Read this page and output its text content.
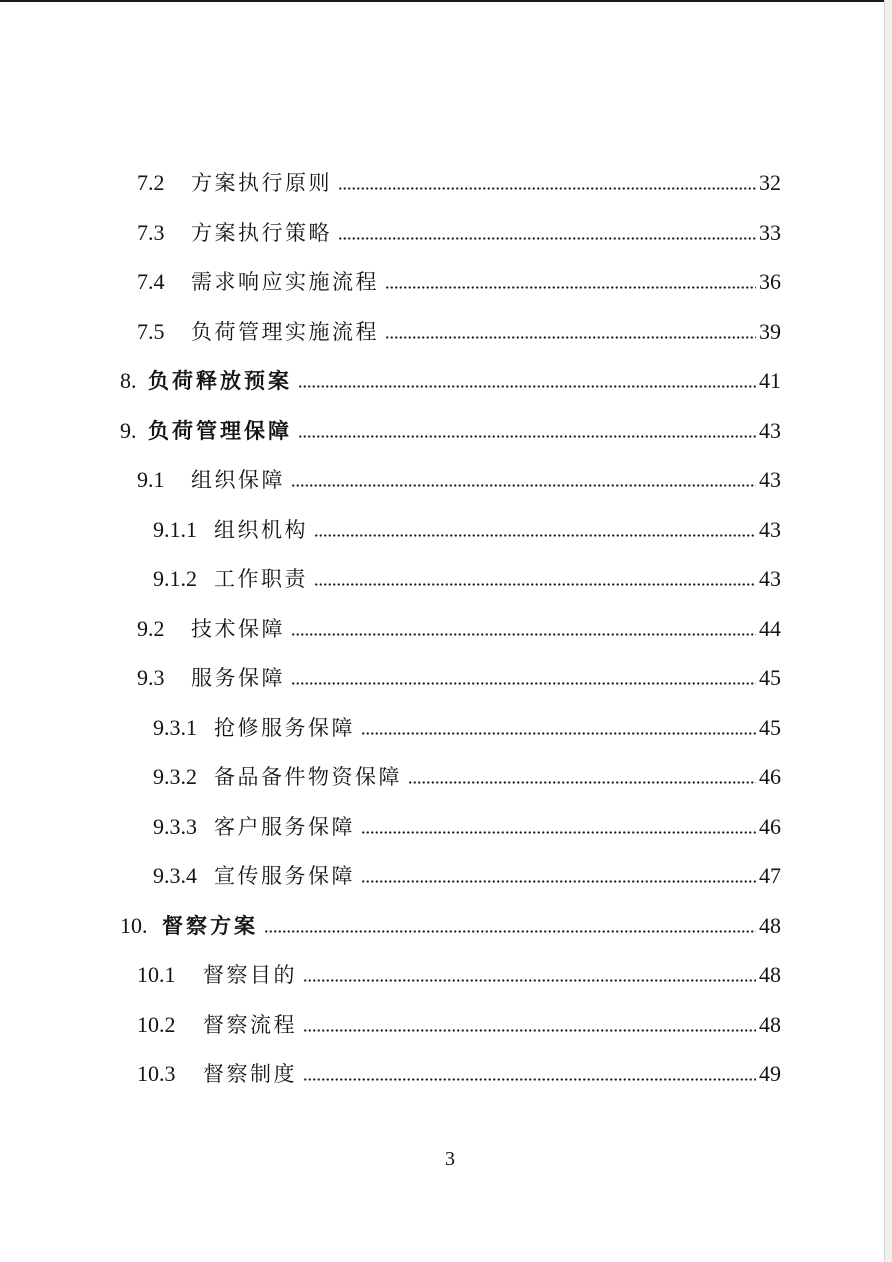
7.2	方案执行原则	32
7.3	方案执行策略	33
7.4	需求响应实施流程	36
7.5	负荷管理实施流程	39
8. 负荷释放预案	41
9. 负荷管理保障	43
9.1	组织保障	43
9.1.1 组织机构	43
9.1.2 工作职责	43
9.2	技术保障	44
9.3	服务保障	45
9.3.1 抢修服务保障	45
9.3.2 备品备件物资保障	46
9.3.3 客户服务保障	46
9.3.4 宣传服务保障	47
10. 督察方案	48
10.1	督察目的	48
10.2	督察流程	48
10.3	督察制度	49
3
